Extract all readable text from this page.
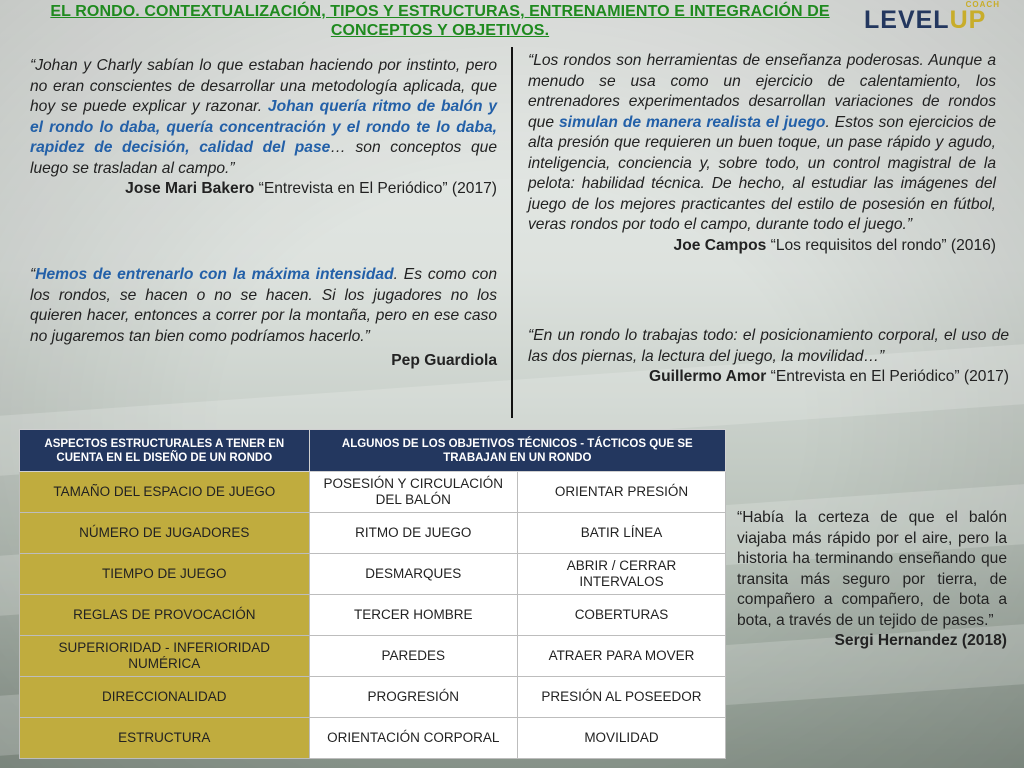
EL RONDO. CONTEXTUALIZACIÓN, TIPOS Y ESTRUCTURAS, ENTRENAMIENTO E INTEGRACIÓN DE CONCEPTOS Y OBJETIVOS.	LEVELUP
COACH
“Johan y Charly sabían lo que estaban haciendo por instinto, pero no eran conscientes de desarrollar una metodología aplicada, que hoy se puede explicar y razonar. Johan quería ritmo de balón y el rondo lo daba, quería concentración y el rondo te lo daba, rapidez de decisión, calidad del pase… son conceptos que luego se trasladan al campo.”
Jose Mari Bakero “Entrevista en El Periódico” (2017)
“Hemos de entrenarlo con la máxima intensidad. Es como con los rondos, se hacen o no se hacen. Si los jugadores no los quieren hacer, entonces a correr por la montaña, pero en ese caso no jugaremos tan bien como podríamos hacerlo.”
Pep Guardiola
“Los rondos son herramientas de enseñanza poderosas. Aunque a menudo se usa como un ejercicio de calentamiento, los entrenadores experimentados desarrollan variaciones de rondos que simulan de manera realista el juego. Estos son ejercicios de alta presión que requieren un buen toque, un pase rápido y agudo, inteligencia, conciencia y, sobre todo, un control magistral de la pelota: habilidad técnica. De hecho, al estudiar las imágenes del juego de los mejores practicantes del estilo de posesión en fútbol, veras rondos por todo el campo, durante todo el juego.”
Joe Campos “Los requisitos del rondo” (2016)
“En un rondo lo trabajas todo: el posicionamiento corporal, el uso de las dos piernas, la lectura del juego, la movilidad…”
Guillermo Amor “Entrevista en El Periódico” (2017)
“Había la certeza de que el balón viajaba más rápido por el aire, pero la historia ha terminando enseñando que transita más seguro por tierra, de compañero a compañero, de bota a bota, a través de un tejido de pases.”
Sergi Hernandez (2018)
ASPECTOS ESTRUCTURALES A TENER EN CUENTA EN EL DISEÑO DE UN RONDO	ALGUNOS DE LOS OBJETIVOS TÉCNICOS - TÁCTICOS QUE SE TRABAJAN EN UN RONDO	
TAMAÑO DEL ESPACIO DE JUEGO	POSESIÓN Y CIRCULACIÓN DEL BALÓN	ORIENTAR PRESIÓN
NÚMERO DE JUGADORES	RITMO DE JUEGO	BATIR LÍNEA
TIEMPO DE JUEGO	DESMARQUES	ABRIR / CERRAR INTERVALOS
REGLAS DE PROVOCACIÓN	TERCER HOMBRE	COBERTURAS
SUPERIORIDAD - INFERIORIDAD NUMÉRICA	PAREDES	ATRAER PARA MOVER
DIRECCIONALIDAD	PROGRESIÓN	PRESIÓN AL POSEEDOR
ESTRUCTURA	ORIENTACIÓN CORPORAL	MOVILIDAD
